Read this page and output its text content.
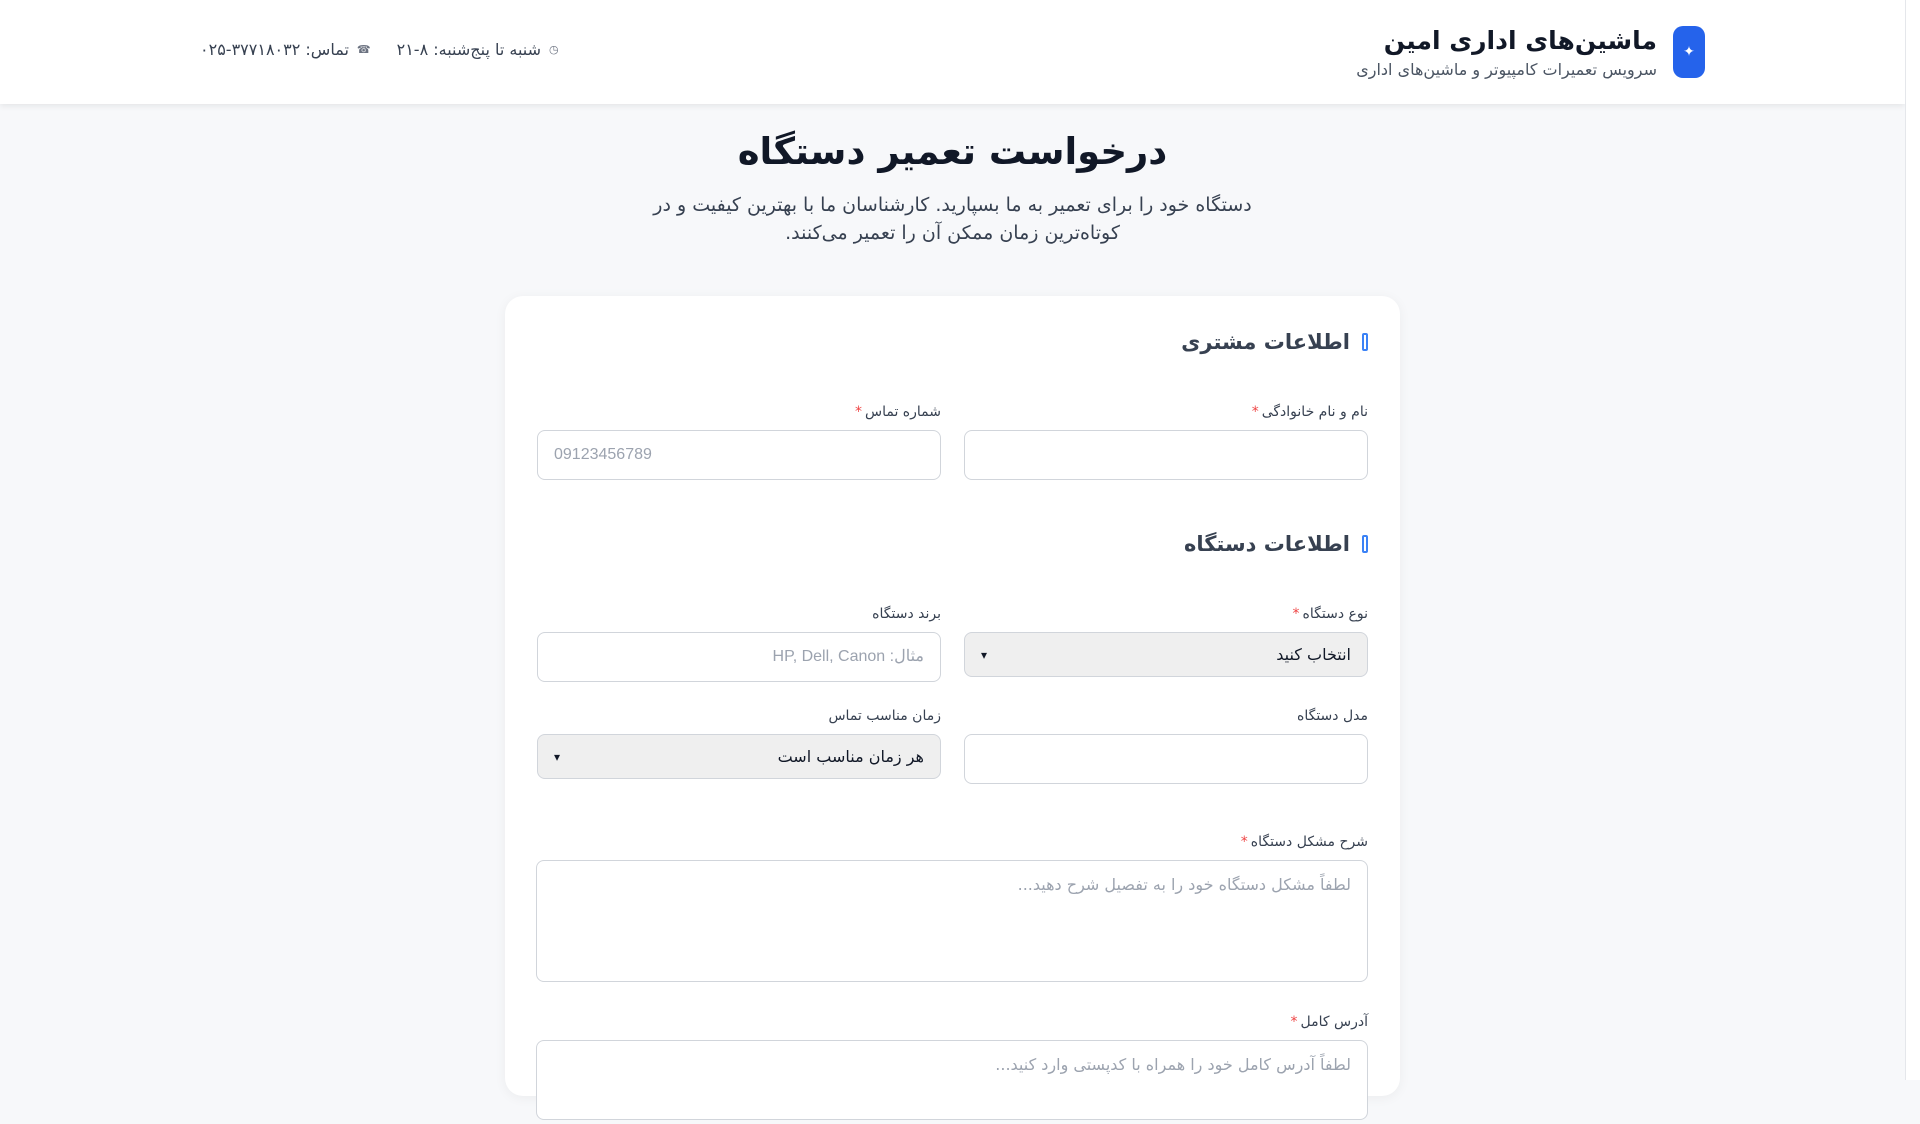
✦
ماشین‌های اداری امین
سرویس تعمیرات کامپیوتر و ماشین‌های اداری
☎
تماس: ۳۷۷۱۸۰۳۲-۰۲۵	◷
شنبه تا پنج‌شنبه: ۸-۲۱
درخواست تعمیر دستگاه

دستگاه خود را برای تعمیر به ما بسپارید. کارشناسان ما با بهترین کیفیت و در کوتاه‌ترین زمان ممکن آن را تعمیر می‌کنند.

اطلاعات مشتری
نام و نام خانوادگی*
شماره تماس*
09123456789
اطلاعات دستگاه
نوع دستگاه*
انتخاب کنید
▾
برند دستگاه
مثال: HP, Dell, Canon
مدل دستگاه
زمان مناسب تماس
هر زمان مناسب است
▾
شرح مشکل دستگاه*
لطفاً مشکل دستگاه خود را به تفصیل شرح دهید...
آدرس کامل*
لطفاً آدرس کامل خود را همراه با کدپستی وارد کنید...
